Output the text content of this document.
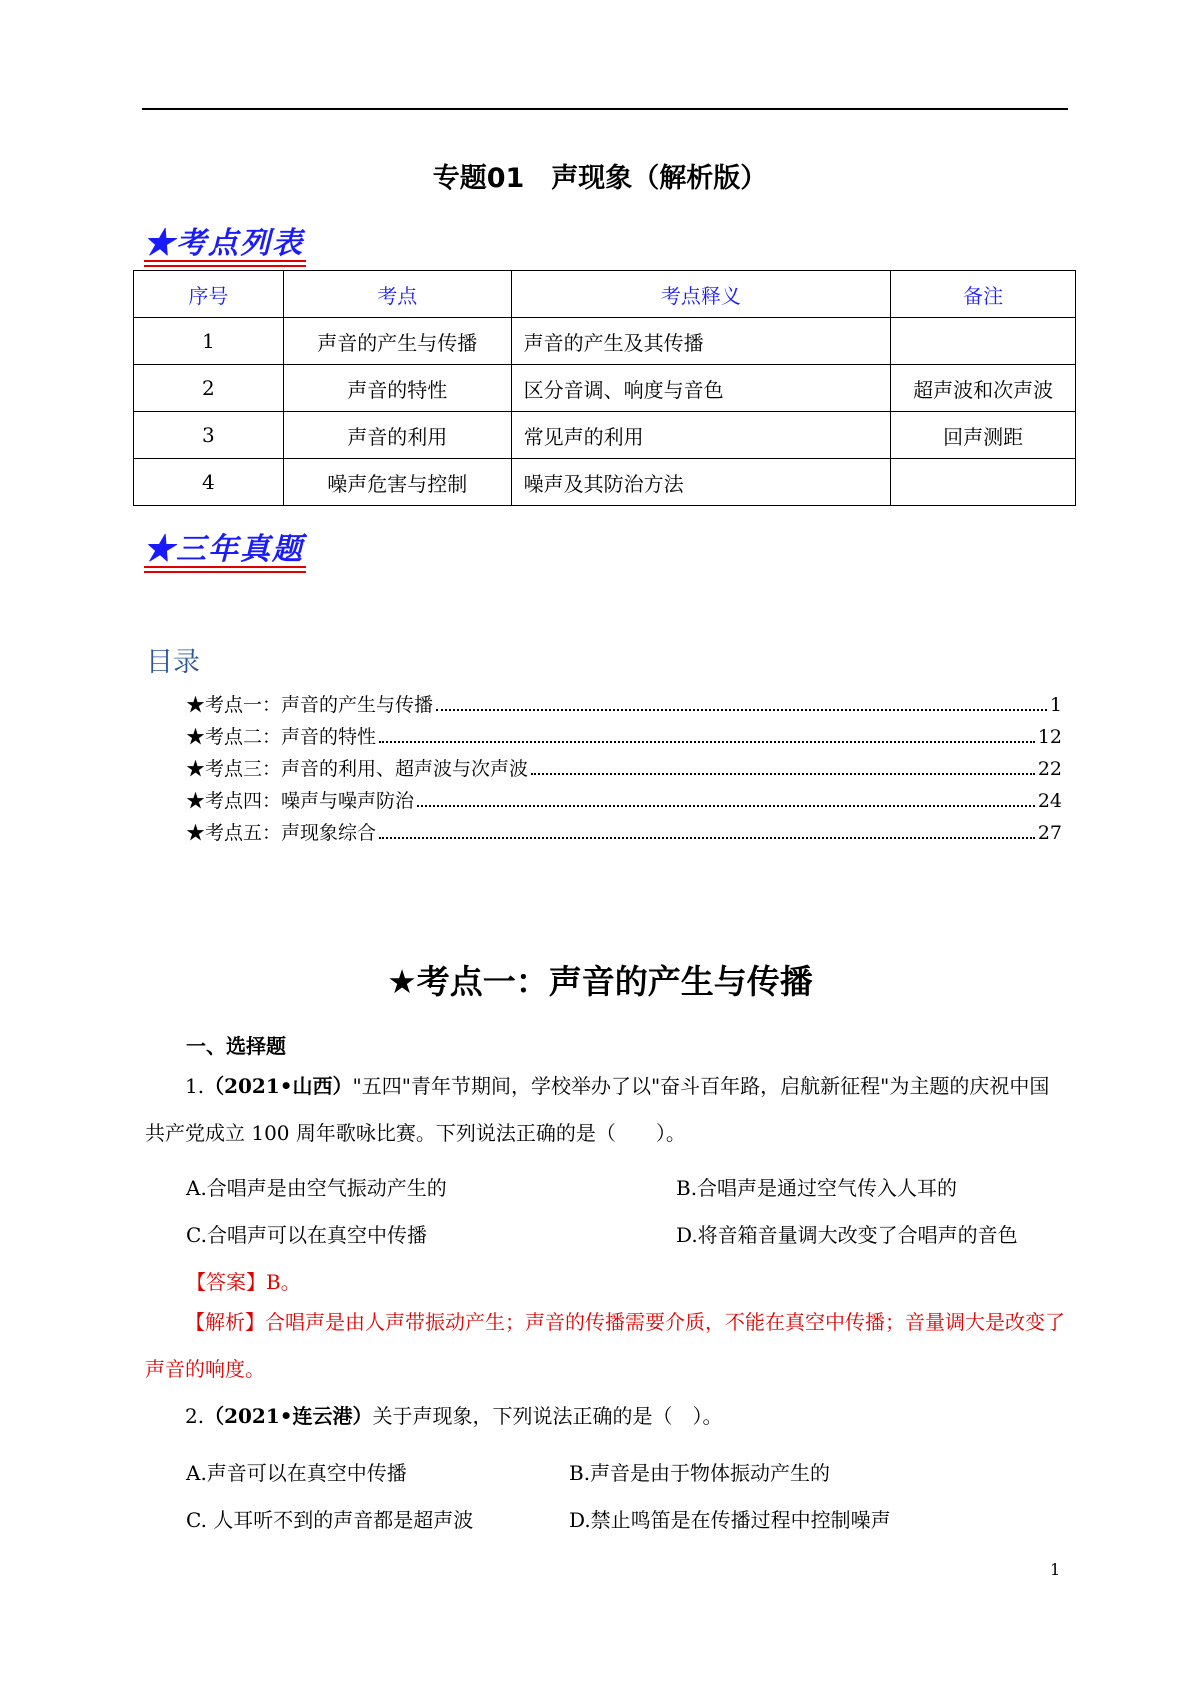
专题01　声现象（解析版）
★考点列表
序号	考点	考点释义	备注
1	声音的产生与传播	声音的产生及其传播	
2	声音的特性	区分音调、响度与音色	超声波和次声波
3	声音的利用	常见声的利用	回声测距
4	噪声危害与控制	噪声及其防治方法	
★三年真题
目录
★考点一：声音的产生与传播	1
★考点二：声音的特性	12
★考点三：声音的利用、超声波与次声波	22
★考点四：噪声与噪声防治	24
★考点五：声现象综合	27
★考点一：声音的产生与传播
一、选择题
1.（2021•山西）"五四"青年节期间，学校举办了以"奋斗百年路，启航新征程"为主题的庆祝中国共产党成立 100 周年歌咏比赛。下列说法正确的是（　　）。
A.合唱声是由空气振动产生的	B.合唱声是通过空气传入人耳的
C.合唱声可以在真空中传播	D.将音箱音量调大改变了合唱声的音色
【答案】B。
【解析】合唱声是由人声带振动产生；声音的传播需要介质，不能在真空中传播；音量调大是改变了声音的响度。
2.（2021•连云港）关于声现象，下列说法正确的是（　）。
A.声音可以在真空中传播	B.声音是由于物体振动产生的
C. 人耳听不到的声音都是超声波	D.禁止鸣笛是在传播过程中控制噪声
1
